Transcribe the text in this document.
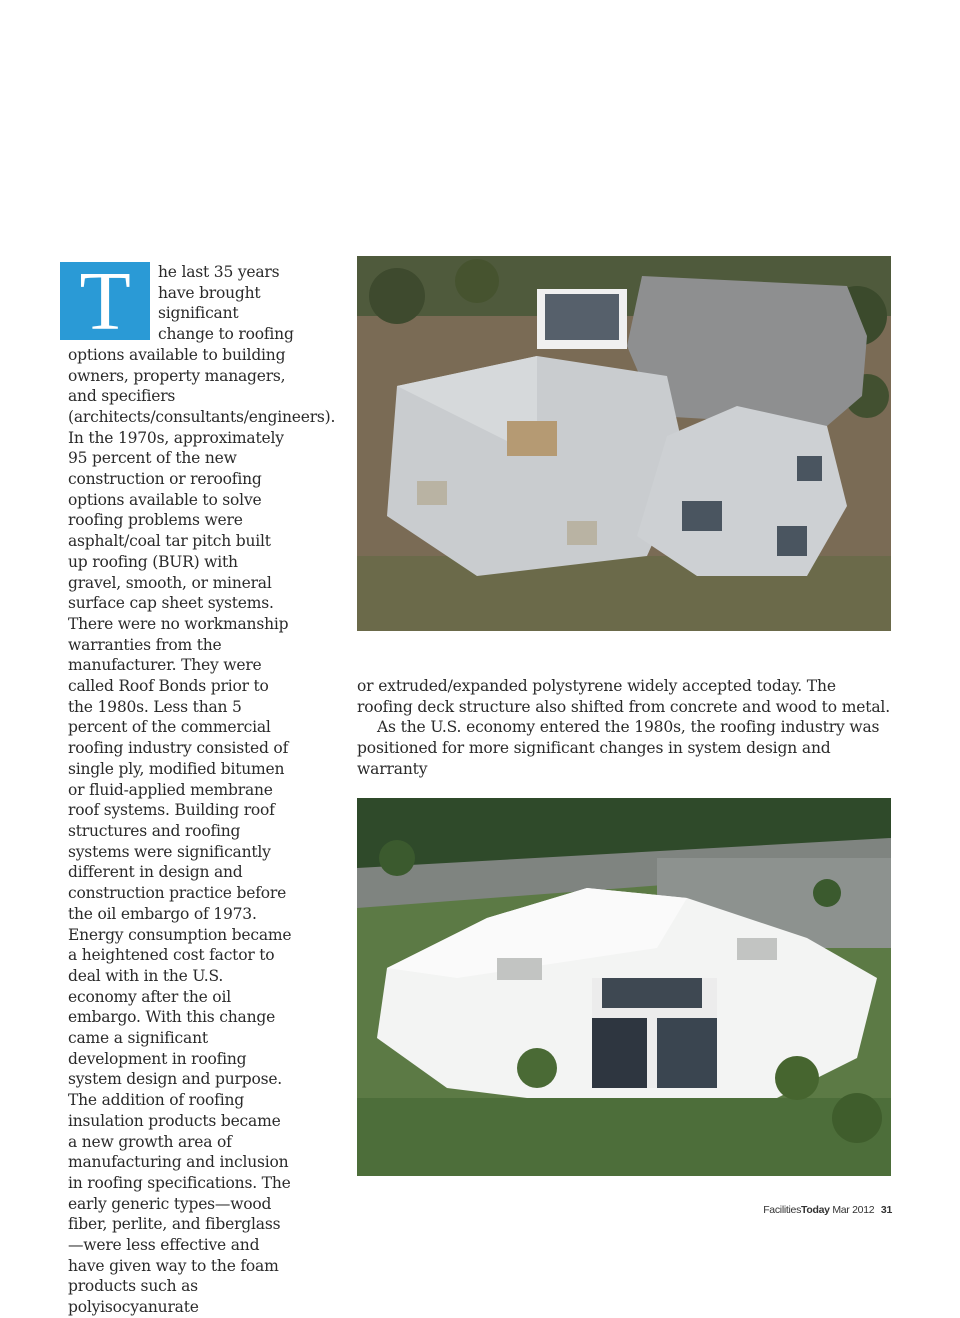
T	he last 35 years have brought significant change to roofing options available to building owners, property managers, and specifiers (architects/consultants/engineers). In the 1970s, approximately 95 percent of the new construction or reroofing options available to solve roofing problems were asphalt/coal tar pitch built up roofing (BUR) with gravel, smooth, or mineral surface cap sheet systems. There were no workmanship warranties from the manufacturer. They were called Roof Bonds prior to the 1980s. Less than 5 percent of the commercial roofing industry consisted of single ply, modified bitumen or fluid-applied membrane roof systems. Building roof structures and roofing systems were significantly different in design and construction practice before the oil embargo of 1973. Energy consumption became a heightened cost factor to deal with in the U.S. economy after the oil embargo. With this change came a significant development in roofing system design and purpose. The addition of roofing insulation products became a new growth area of manufacturing and inclusion in roofing specifications. The early generic types—wood fiber, perlite, and fiberglass—were less effective and have given way to the foam products such as polyisocyanurate

or extruded/expanded polystyrene widely accepted today. The roofing deck structure also shifted from concrete and wood to metal.

As the U.S. economy entered the 1980s, the roofing industry was positioned for more significant changes in system design and warranty

FacilitiesToday Mar 2012 31
